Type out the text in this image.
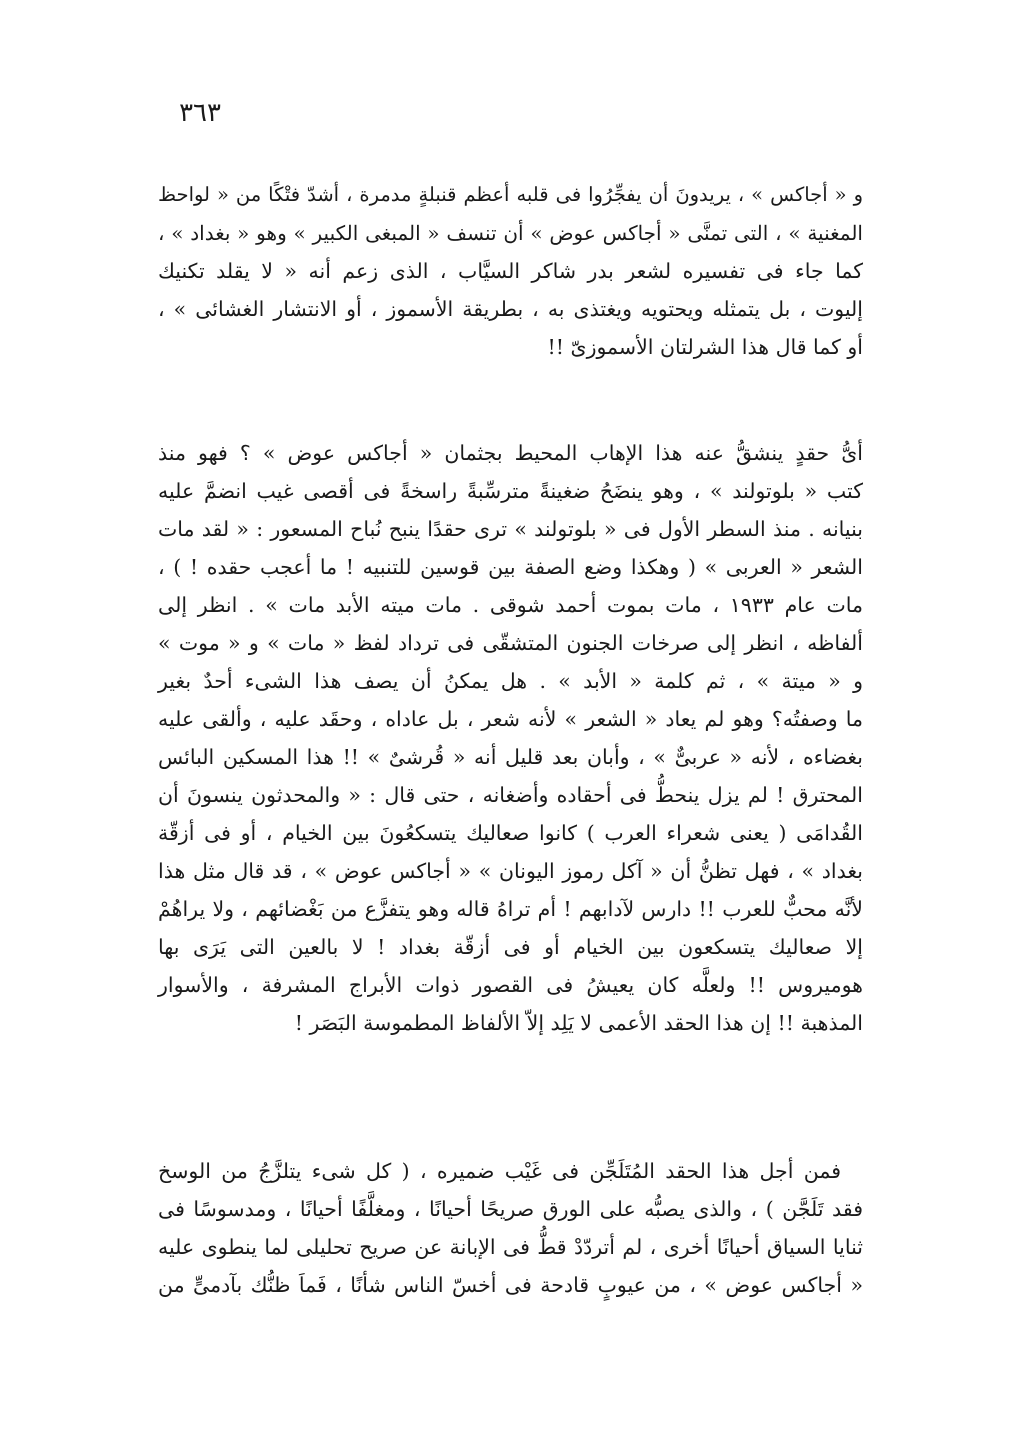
٣٦٣
و « أجاكس » ، يريدونَ أن يفجِّرُوا فى قلبه أعظم قنبلةٍ مدمرة ، أشدّ فتْكًا من « لواحظ
المغنية » ، التى تمنَّى « أجاكس عوض » أن تنسف « المبغى الكبير » وهو « بغداد » ،
كما جاء فى تفسيره لشعر بدر شاكر السيَّاب ، الذى زعم أنه « لا يقلد تكنيك
إليوت ، بل يتمثله ويحتويه ويغتذى به ، بطريقة الأسموز ، أو الانتشار الغشائى » ،
أو كما قال هذا الشرلتان الأسموزىّ !!
أىُّ حقدٍ ينشقُّ عنه هذا الإهاب المحيط بجثمان « أجاكس عوض » ؟ فهو منذ
كتب « بلوتولند » ، وهو ينضَحُ ضغينةً مترسِّبةً راسخةً فى أقصى غيب انضمَّ عليه
بنيانه . منذ السطر الأول فى « بلوتولند » ترى حقدًا ينبح نُباح المسعور : « لقد مات
الشعر « العربى » ( وهكذا وضع الصفة بين قوسين للتنبيه ! ما أعجب حقده ! ) ،
مات عام ١٩٣٣ ، مات بموت أحمد شوقى . مات ميته الأبد مات » . انظر إلى
ألفاظه ، انظر إلى صرخات الجنون المتشقّى فى ترداد لفظ « مات » و « موت »
و « ميتة » ، ثم كلمة « الأبد » . هل يمكنُ أن يصف هذا الشىء أحدٌ بغير
ما وصفتُه؟ وهو لم يعاد « الشعر » لأنه شعر ، بل عاداه ، وحقَد عليه ، وألقى عليه
بغضاءه ، لأنه « عربىٌّ » ، وأبان بعد قليل أنه « قُرشىٌ » !! هذا المسكين البائس
المحترق ! لم يزل ينحطُّ فى أحقاده وأضغانه ، حتى قال : « والمحدثون ينسونَ أن
القُدامَى ( يعنى شعراء العرب ) كانوا صعاليك يتسكعُونَ بين الخيام ، أو فى أزقّة
بغداد » ، فهل تظنُّ أن « آكل رموز اليونان » « أجاكس عوض » ، قد قال مثل هذا
لأنَّه محبٌّ للعرب !! دارس لآدابهم ! أم تراهُ قاله وهو يتفزَّع من بَغْضائهم ، ولا يراهُمْ
إلا صعاليك يتسكعون بين الخيام أو فى أزقّة بغداد ! لا بالعين التى يَرَى بها
هوميروس !! ولعلَّه كان يعيشُ فى القصور ذوات الأبراج المشرفة ، والأسوار
المذهبة !! إن هذا الحقد الأعمى لا يَلِد إلاّ الألفاظ المطموسة البَصَر !
فمن أجل هذا الحقد المُتَلَجِّن فى غَيْب ضميره ، ( كل شىء يتلزَّجُ من الوسخ
فقد تَلَجَّن ) ، والذى يصبُّه على الورق صريحًا أحيانًا ، ومغلَّفًا أحيانًا ، ومدسوسًا فى
ثنايا السياق أحيانًا أخرى ، لم أتردّدْ قطُّ فى الإبانة عن صريح تحليلى لما ينطوى عليه
« أجاكس عوض » ، من عيوبٍ قادحة فى أخسّ الناس شأنًا ، فَماَ ظنُّك بآدمىٍّ من
